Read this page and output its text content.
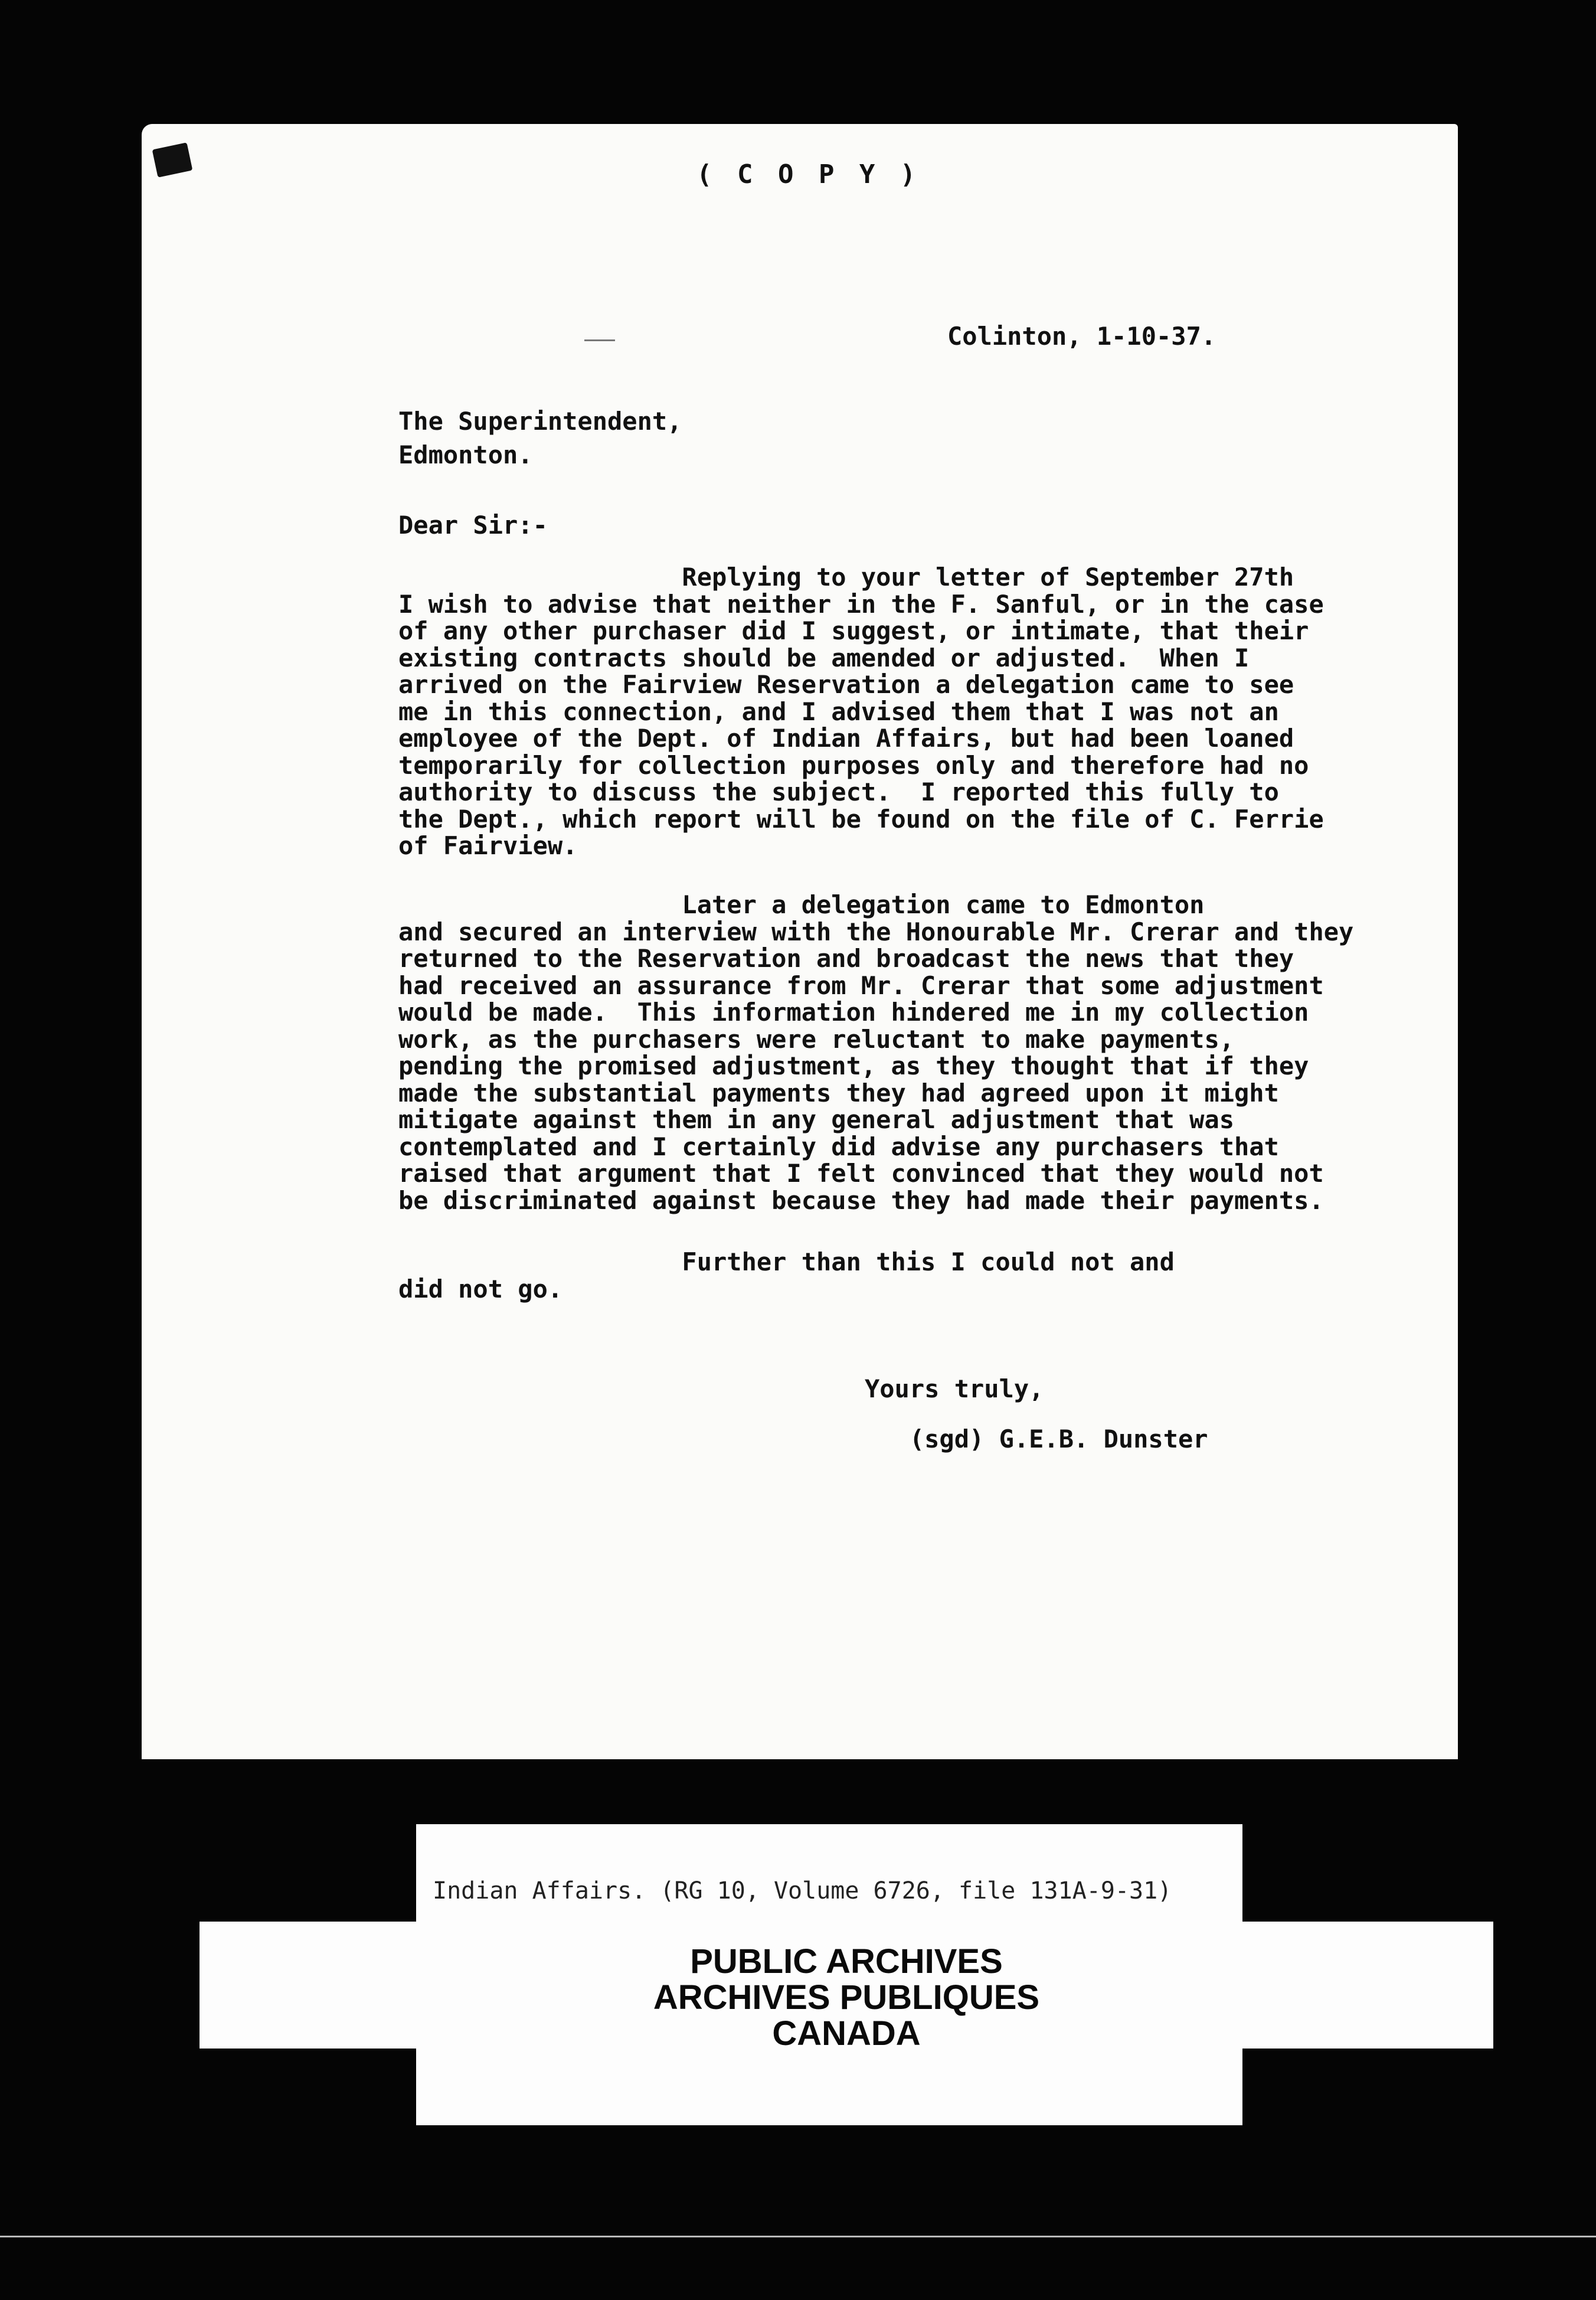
( C O P Y )
Colinton, 1-10-37.
The Superintendent,
Edmonton.
Dear Sir:-
Replying to your letter of September 27th
I wish to advise that neither in the F. Sanful, or in the case
of any other purchaser did I suggest, or intimate, that their
existing contracts should be amended or adjusted.  When I
arrived on the Fairview Reservation a delegation came to see
me in this connection, and I advised them that I was not an
employee of the Dept. of Indian Affairs, but had been loaned
temporarily for collection purposes only and therefore had no
authority to discuss the subject.  I reported this fully to
the Dept., which report will be found on the file of C. Ferrie
of Fairview.
Later a delegation came to Edmonton
and secured an interview with the Honourable Mr. Crerar and they
returned to the Reservation and broadcast the news that they
had received an assurance from Mr. Crerar that some adjustment
would be made.  This information hindered me in my collection
work, as the purchasers were reluctant to make payments,
pending the promised adjustment, as they thought that if they
made the substantial payments they had agreed upon it might
mitigate against them in any general adjustment that was
contemplated and I certainly did advise any purchasers that
raised that argument that I felt convinced that they would not
be discriminated against because they had made their payments.
Further than this I could not and
did not go.
Yours truly,
(sgd) G.E.B. Dunster
Indian Affairs. (RG 10, Volume 6726, file 131A-9-31)
PUBLIC ARCHIVES
ARCHIVES PUBLIQUES
CANADA
